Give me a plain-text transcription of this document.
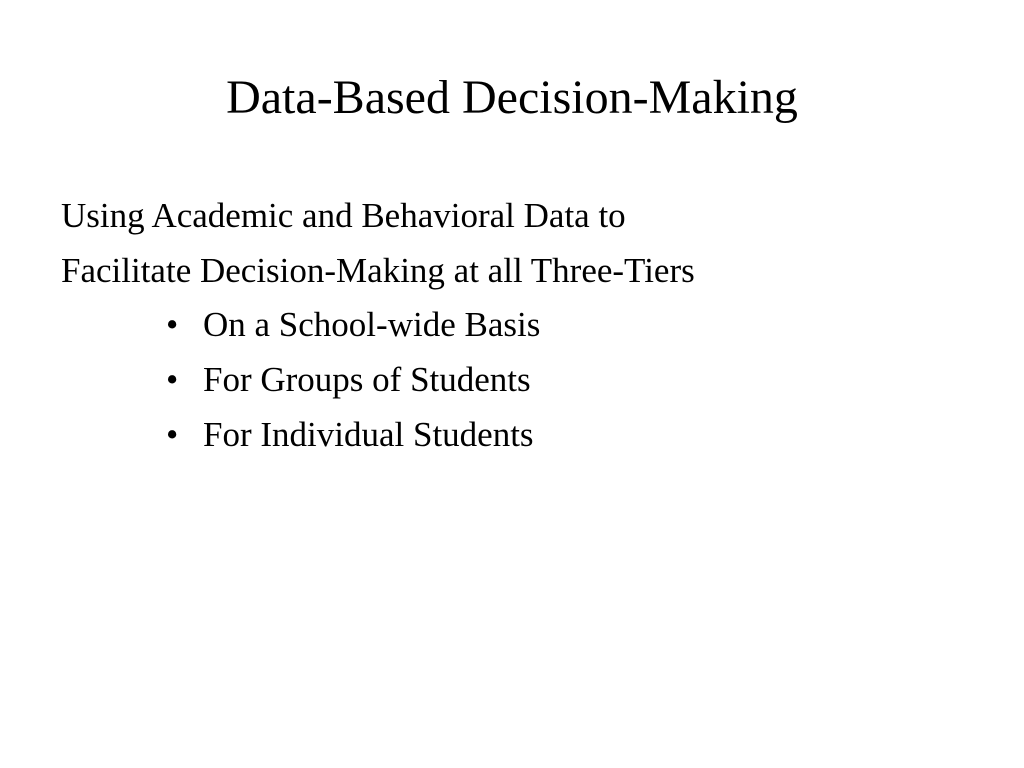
Data-Based Decision-Making

Using Academic and Behavioral Data to
Facilitate Decision-Making at all Three-Tiers

• On a School-wide Basis
• For Groups of Students
• For Individual Students
